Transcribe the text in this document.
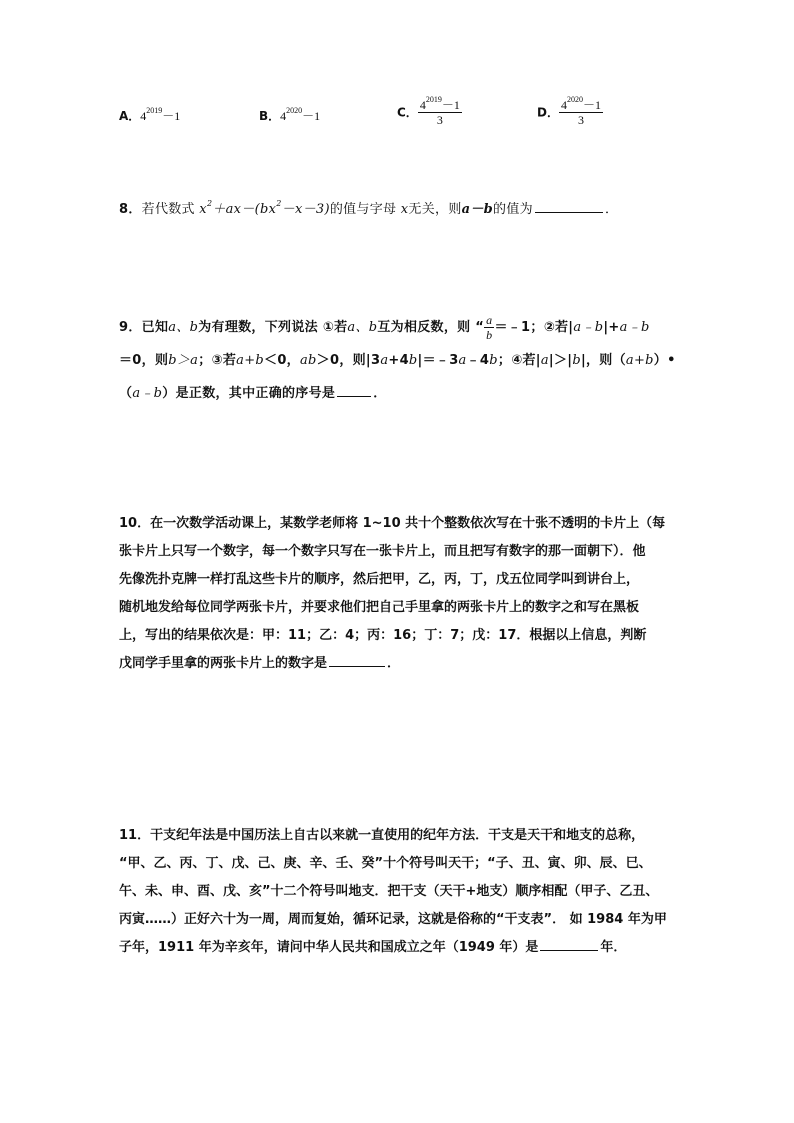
A．$4^{2019}-1$	B．$4^{2020}-1$	C． $\frac{4^{2019}-1}{3}$	D． $\frac{4^{2020}-1}{3}$
8．若代数式 $x^2+ax-(bx^2-x-3)$的值与字母 x无关，则a－b的值为	．
9．已知a、b为有理数，下列说法 ①若a、b互为相反数，则 “ $\frac{a}{b}$ ＝﹣1；②若|a﹣b|+a﹣b
＝0，则b＞a；③若a+b＜0，ab＞0，则|3a+4b|＝﹣3a﹣4b；④若|a|＞|b|，则（a+b）•
（a﹣b）是正数，其中正确的序号是	．
10．在一次数学活动课上，某数学老师将 1~10 共十个整数依次写在十张不透明的卡片上（每
张卡片上只写一个数字，每一个数字只写在一张卡片上，而且把写有数字的那一面朝下）．他
先像洗扑克牌一样打乱这些卡片的顺序，然后把甲，乙，丙，丁，戊五位同学叫到讲台上，
随机地发给每位同学两张卡片，并要求他们把自己手里拿的两张卡片上的数字之和写在黑板
上，写出的结果依次是：甲：11；乙：4；丙：16；丁：7；戊：17．根据以上信息，判断
戊同学手里拿的两张卡片上的数字是	．
11．干支纪年法是中国历法上自古以来就一直使用的纪年方法．干支是天干和地支的总称，
“甲、乙、丙、丁、戊、己、庚、辛、壬、癸”十个符号叫天干；“子、丑、寅、卯、辰、巳、
午、未、申、酉、戊、亥”十二个符号叫地支．把干支（天干+地支）顺序相配（甲子、乙丑、
丙寅……）正好六十为一周，周而复始，循环记录，这就是俗称的“干支表”． 如 1984 年为甲
子年，1911 年为辛亥年，请问中华人民共和国成立之年（1949 年）是	年．
